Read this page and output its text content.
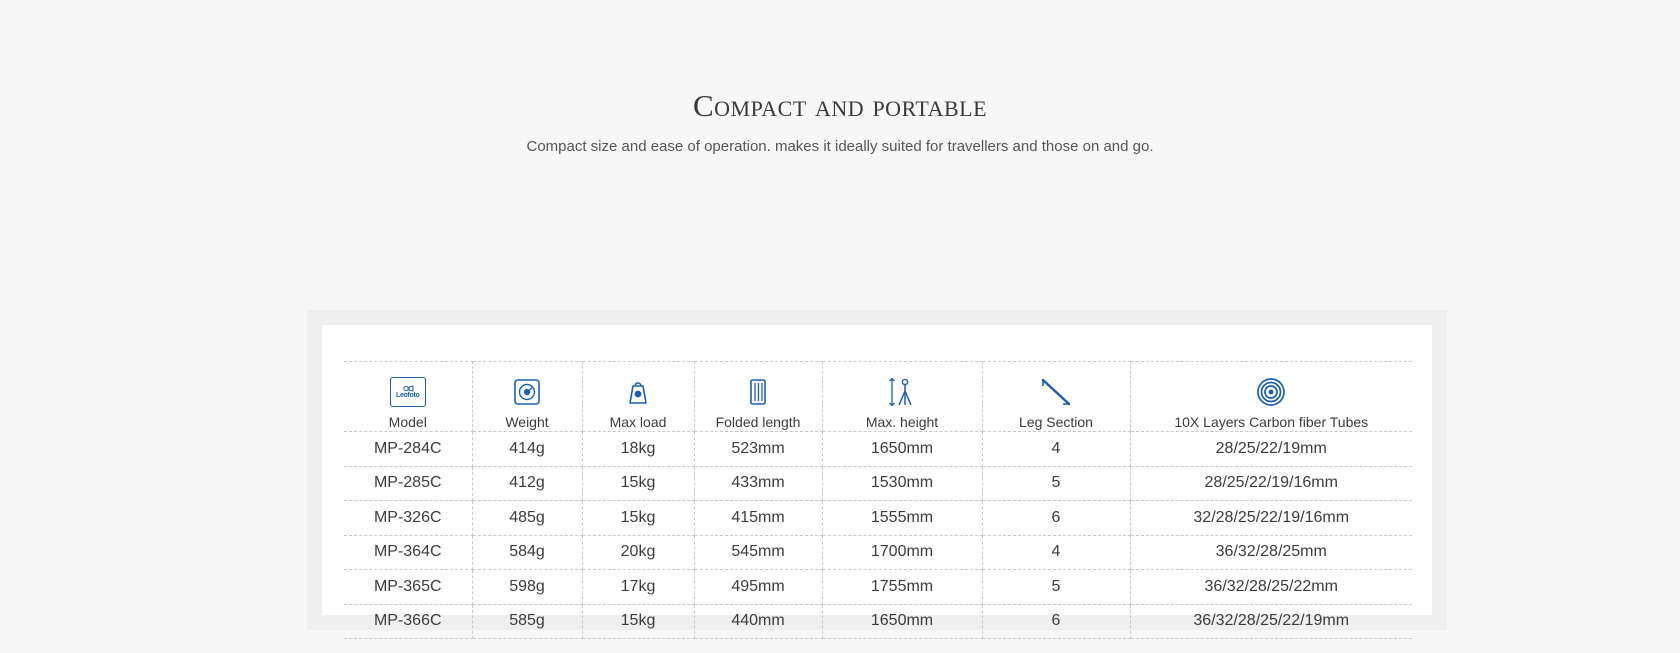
Compact and portable
Compact size and ease of operation. makes it ideally suited for travellers and those on and go.
Leofoto
Model	Weight	Max load	Folded length	Max. height	Leg Section	10X Layers Carbon fiber Tubes

MP-284C	414g	18kg	523mm	1650mm	4	28/25/22/19mm
MP-285C	412g	15kg	433mm	1530mm	5	28/25/22/19/16mm
MP-326C	485g	15kg	415mm	1555mm	6	32/28/25/22/19/16mm
MP-364C	584g	20kg	545mm	1700mm	4	36/32/28/25mm
MP-365C	598g	17kg	495mm	1755mm	5	36/32/28/25/22mm
MP-366C	585g	15kg	440mm	1650mm	6	36/32/28/25/22/19mm
